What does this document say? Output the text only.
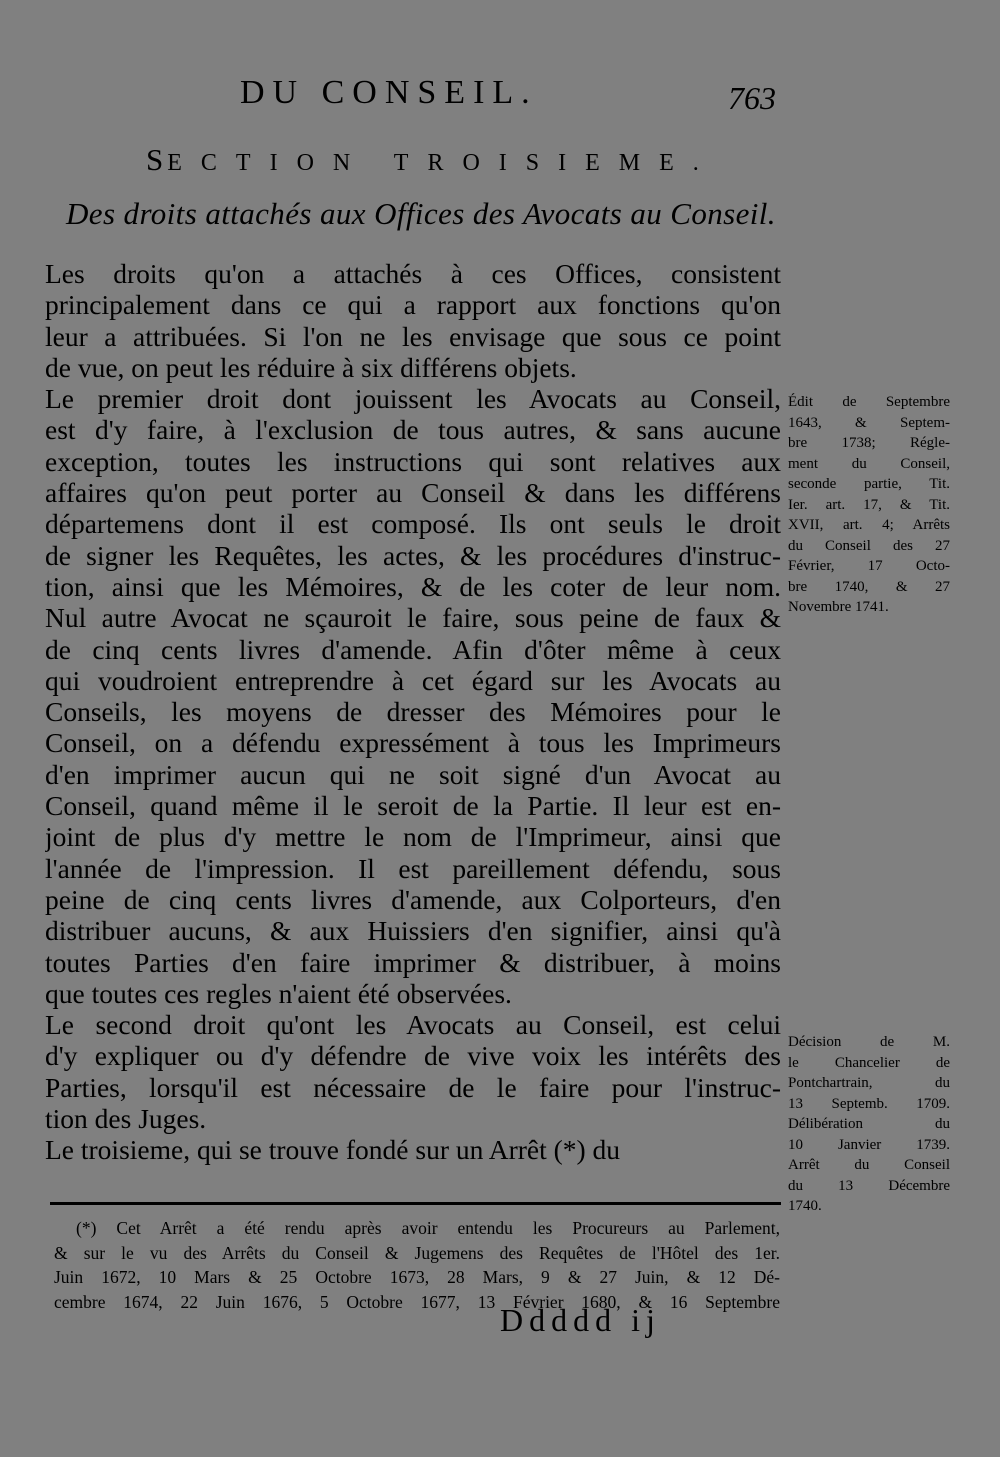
DU CONSEIL.	763
SECTION TROISIEME.
Des droits attachés aux Offices des Avocats au Conseil.
Les droits qu'on a attachés à ces Offices, consistent
principalement dans ce qui a rapport aux fonctions qu'on
leur a attribuées. Si l'on ne les envisage que sous ce point
de vue, on peut les réduire à six différens objets.
Le premier droit dont jouissent les Avocats au Conseil,
est d'y faire, à l'exclusion de tous autres, & sans aucune
exception, toutes les instructions qui sont relatives aux
affaires qu'on peut porter au Conseil & dans les différens
départemens dont il est composé. Ils ont seuls le droit
de signer les Requêtes, les actes, & les procédures d'instruc-
tion, ainsi que les Mémoires, & de les coter de leur nom.
Nul autre Avocat ne sçauroit le faire, sous peine de faux &
de cinq cents livres d'amende. Afin d'ôter même à ceux
qui voudroient entreprendre à cet égard sur les Avocats au
Conseils, les moyens de dresser des Mémoires pour le
Conseil, on a défendu expressément à tous les Imprimeurs
d'en imprimer aucun qui ne soit signé d'un Avocat au
Conseil, quand même il le seroit de la Partie. Il leur est en-
joint de plus d'y mettre le nom de l'Imprimeur, ainsi que
l'année de l'impression. Il est pareillement défendu, sous
peine de cinq cents livres d'amende, aux Colporteurs, d'en
distribuer aucuns, & aux Huissiers d'en signifier, ainsi qu'à
toutes Parties d'en faire imprimer & distribuer, à moins
que toutes ces regles n'aient été observées.
Le second droit qu'ont les Avocats au Conseil, est celui
d'y expliquer ou d'y défendre de vive voix les intérêts des
Parties, lorsqu'il est nécessaire de le faire pour l'instruc-
tion des Juges.
Le troisieme, qui se trouve fondé sur un Arrêt (*) du
Édit de Septembre
1643, & Septem-
bre 1738; Régle-
ment du Conseil,
seconde partie, Tit.
Ier. art. 17, & Tit.
XVII, art. 4; Arrêts
du Conseil des 27
Février, 17 Octo-
bre 1740, & 27
Novembre 1741.
Décision de M.
le Chancelier de
Pontchartrain, du
13 Septemb. 1709.
Délibération du
10 Janvier 1739.
Arrêt du Conseil
du 13 Décembre
1740.
(*) Cet Arrêt a été rendu après avoir entendu les Procureurs au Parlement,
& sur le vu des Arrêts du Conseil & Jugemens des Requêtes de l'Hôtel des 1er.
Juin 1672, 10 Mars & 25 Octobre 1673, 28 Mars, 9 & 27 Juin, & 12 Dé-
cembre 1674, 22 Juin 1676, 5 Octobre 1677, 13 Février 1680, & 16 Septembre
Ddddd ij
